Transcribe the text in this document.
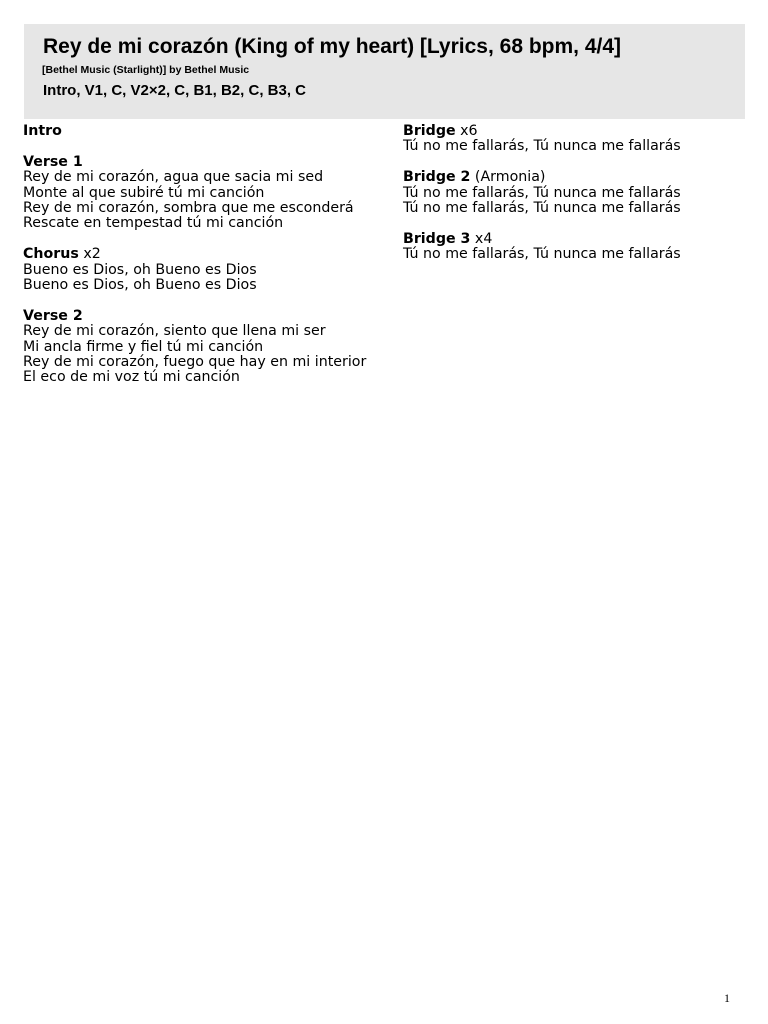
Rey de mi corazón (King of my heart) [Lyrics, 68 bpm, 4/4]
[Bethel Music (Starlight)] by Bethel Music
Intro, V1, C, V2×2, C, B1, B2, C, B3, C
Intro
Verse 1
Rey de mi corazón, agua que sacia mi sed
Monte al que subiré tú mi canción
Rey de mi corazón, sombra que me esconderá
Rescate en tempestad tú mi canción
Chorus x2
Bueno es Dios, oh Bueno es Dios
Bueno es Dios, oh Bueno es Dios
Verse 2
Rey de mi corazón, siento que llena mi ser
Mi ancla firme y fiel tú mi canción
Rey de mi corazón, fuego que hay en mi interior
El eco de mi voz tú mi canción
Bridge x6
Tú no me fallarás, Tú nunca me fallarás
Bridge 2 (Armonia)
Tú no me fallarás, Tú nunca me fallarás
Tú no me fallarás, Tú nunca me fallarás
Bridge 3 x4
Tú no me fallarás, Tú nunca me fallarás
1
